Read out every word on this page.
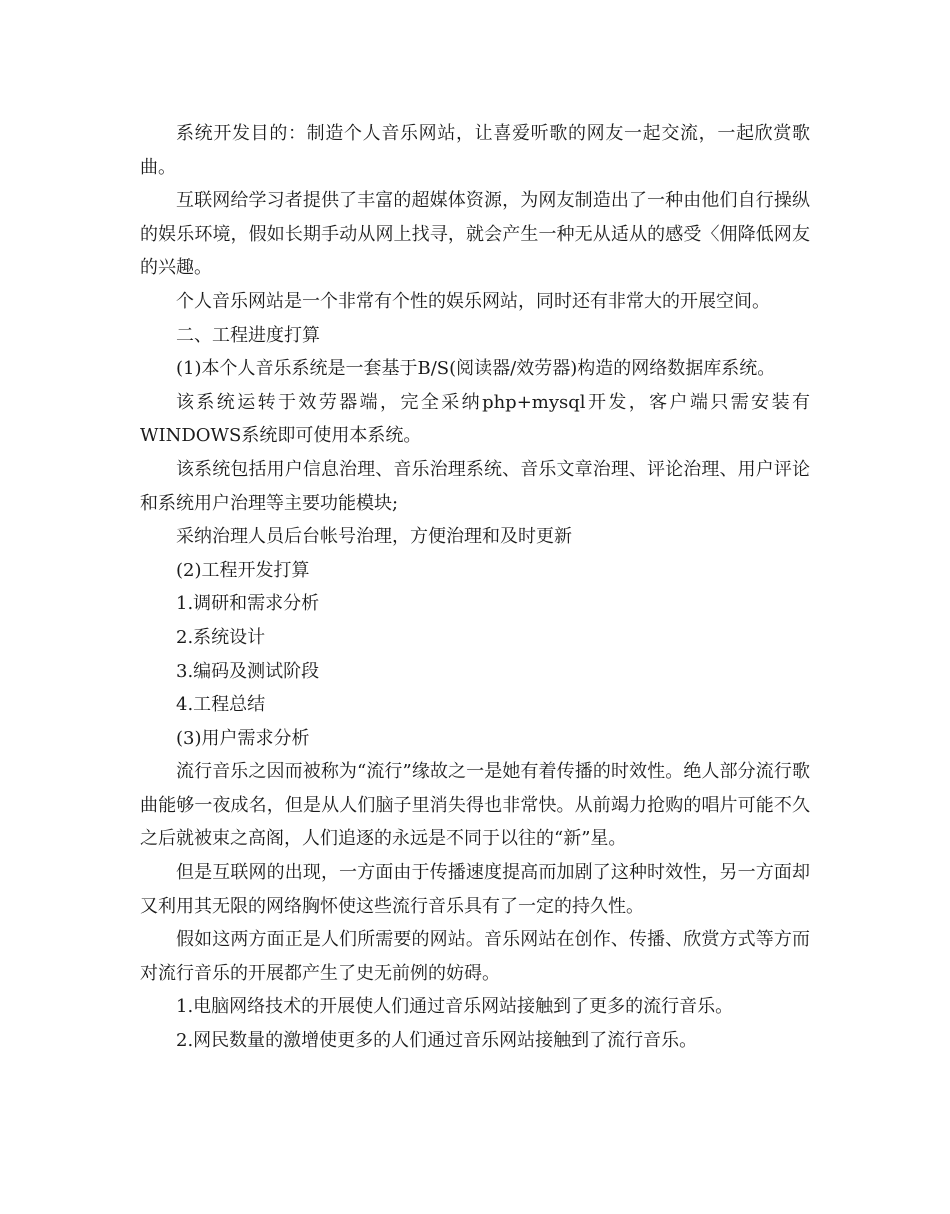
系统开发目的：制造个人音乐网站，让喜爱听歌的网友一起交流，一起欣赏歌曲。

互联网给学习者提供了丰富的超媒体资源，为网友制造出了一种由他们自行操纵的娱乐环境，假如长期手动从网上找寻，就会产生一种无从适从的感受〈佣降低网友的兴趣。

个人音乐网站是一个非常有个性的娱乐网站，同时还有非常大的开展空间。

二、工程进度打算

(1)本个人音乐系统是一套基于B/S(阅读器/效劳器)构造的网络数据库系统。

该系统运转于效劳器端，完全采纳php+mysql开发，客户端只需安装有WINDOWS系统即可使用本系统。

该系统包括用户信息治理、音乐治理系统、音乐文章治理、评论治理、用户评论和系统用户治理等主要功能模块;

采纳治理人员后台帐号治理，方便治理和及时更新

(2)工程开发打算

1.调研和需求分析

2.系统设计

3.编码及测试阶段

4.工程总结

(3)用户需求分析

流行音乐之因而被称为“流行”缘故之一是她有着传播的时效性。绝人部分流行歌曲能够一夜成名，但是从人们脑子里消失得也非常快。从前竭力抢购的唱片可能不久之后就被束之高阁，人们追逐的永远是不同于以往的“新”星。

但是互联网的出现，一方面由于传播速度提高而加剧了这种时效性，另一方面却又利用其无限的网络胸怀使这些流行音乐具有了一定的持久性。

假如这两方面正是人们所需要的网站。音乐网站在创作、传播、欣赏方式等方而对流行音乐的开展都产生了史无前例的妨碍。

1.电脑网络技术的开展使人们通过音乐网站接触到了更多的流行音乐。

2.网民数量的激增使更多的人们通过音乐网站接触到了流行音乐。
